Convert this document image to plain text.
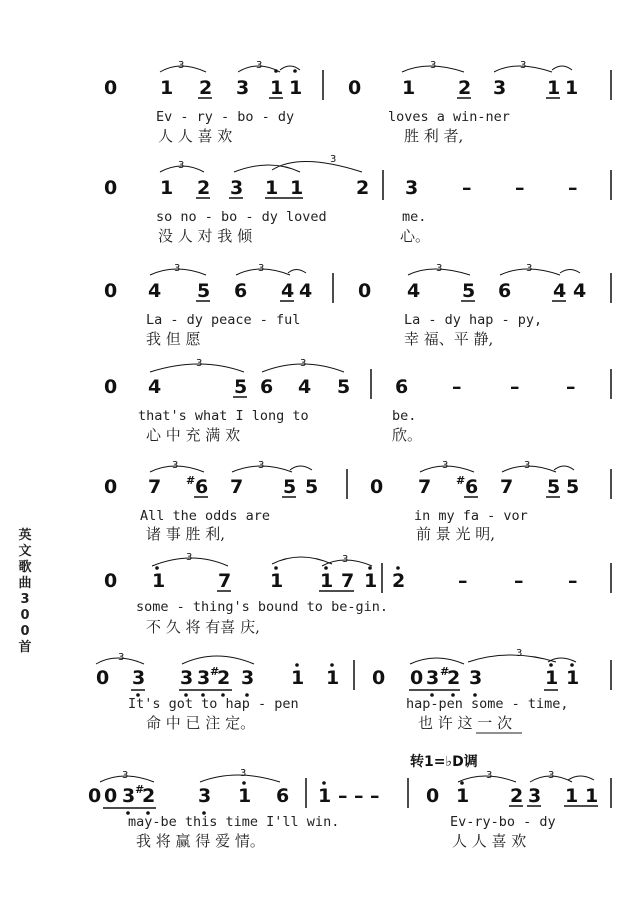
英
文
歌
曲
3
0
0
首
0 1 2 3 1 1 0 1 2 3 1 1
3	3	3	3
Ev - ry - bo - dy	loves a win-ner
人 人 喜 欢	胜 利 者,
0 1 2 3 1 1	2 3 – – –
3
3
so no - bo - dy loved	me.
没 人 对 我 倾	心。
0 4 5 6 4 4 0 4 5 6 4 4
3	3	3	3
La - dy peace - ful	La - dy hap - py,
我 但 愿	幸 福、平 静,
0 4	5 6 4 5 6 –	– –
3	3
that's what I long to	be.
心 中 充 满 欢	欣。
0 7 # 6 7 5 5	0 7 # 6 7 5 5
3	3	3	3
All the odds are	in my fa - vor
诸 事 胜 利,	前 景 光 明,
0 1	7 1 1 7 1 2	– – –
3	3
some - thing's bound to be-gin.
不 久 将 有喜 庆,
0 3 3 3 #
2 3 1 1 0 0 3 #
2 3	1 1
3	3
It's got to hap - pen	hap-pen some - time,
命 中 已 注 定。	也 许 这 一 次
转1=♭D调
0 0 3 #
2 3 1 6 1 – – – 0 1 2 3 1 1
3	3	3	3
may-be this time I'll win.	Ev-ry-bo - dy
我 将 赢 得 爱 情。	人 人 喜 欢
